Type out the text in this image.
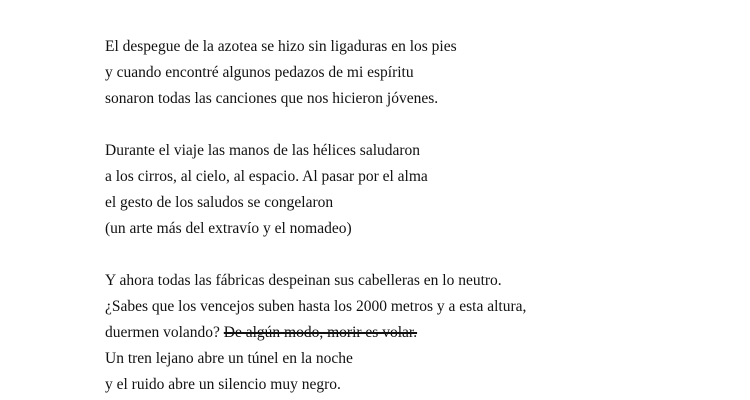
El despegue de la azotea se hizo sin ligaduras en los pies
y cuando encontré algunos pedazos de mi espíritu
sonaron todas las canciones que nos hicieron jóvenes.
Durante el viaje las manos de las hélices saludaron
a los cirros, al cielo, al espacio. Al pasar por el alma
el gesto de los saludos se congelaron
(un arte más del extravío y el nomadeo)
Y ahora todas las fábricas despeinan sus cabelleras en lo neutro.
¿Sabes que los vencejos suben hasta los 2000 metros y a esta altura,
duermen volando? De algún modo, morir es volar.
Un tren lejano abre un túnel en la noche
y el ruido abre un silencio muy negro.
